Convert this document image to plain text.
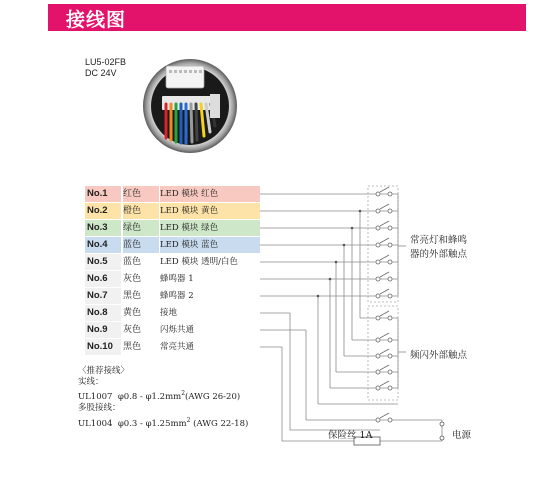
接线图
LU5-02FB
DC 24V
No.1	红色	LED 模块 红色
No.2	橙色	LED 模块 黄色
No.3	绿色	LED 模块 绿色
No.4	蓝色	LED 模块 蓝色
No.5	蓝色	LED 模块 透明/白色
No.6	灰色	蜂鸣器 1
No.7	黑色	蜂鸣器 2
No.8	黄色	接地
No.9	灰色	闪烁共通
No.10	黑色	常亮共通
常亮灯和蜂鸣
器的外部触点
频闪外部触点
保险丝 1A	电源
〈推荐接线〉
实线：
UL1007 $\varphi 0.8 - \varphi 1.2mm^2(AWG$ 26-20)
多股接线：
UL1004 $\varphi 0.3 - \varphi 1.25mm^2$ (AWG 22-18)
